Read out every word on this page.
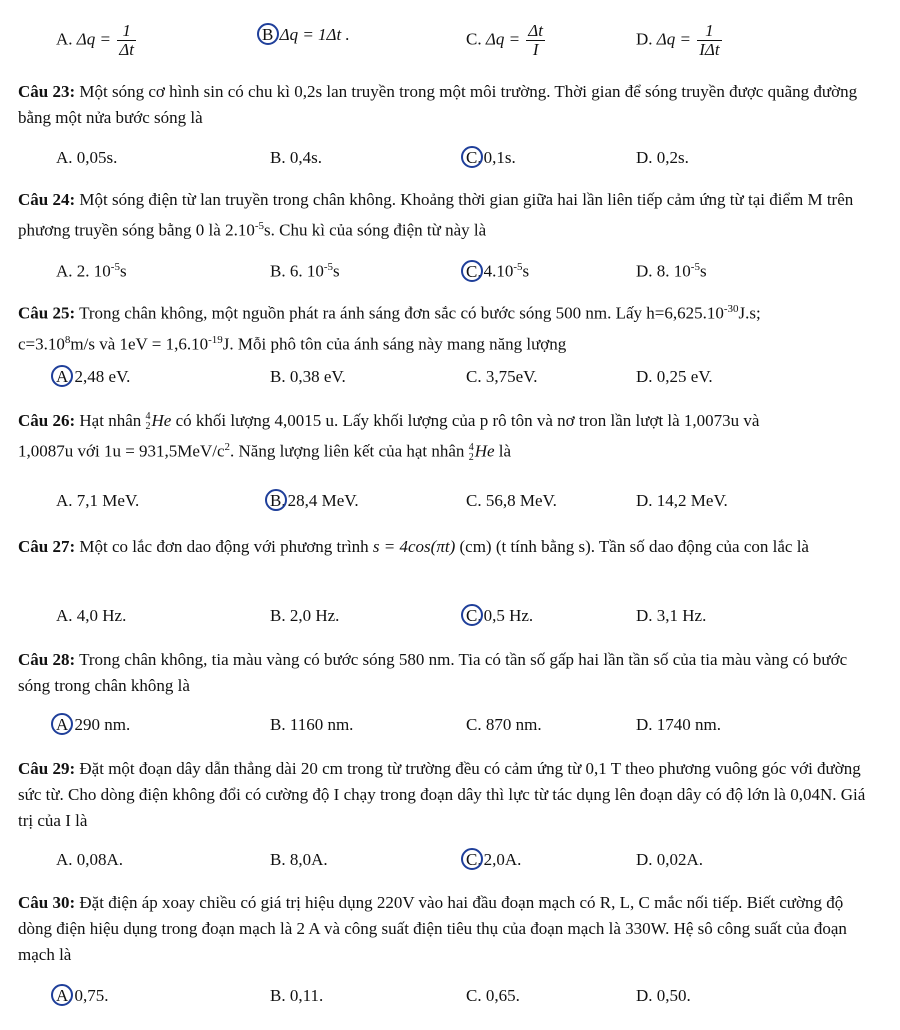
A. $\Delta q = \frac{1}{\Delta t}$	B Δq = 1Δt .	C. $\Delta q = \frac{\Delta t}{I}$	D. $\Delta q = \frac{1}{\text{IΔt}}$
Câu 23: Một sóng cơ hình sin có chu kì 0,2s lan truyền trong một môi trường. Thời gian để sóng truyền được quãng đường bằng một nửa bước sóng là
A. 0,05s.	B. 0,4s.	C. 0,1s.	D. 0,2s.
Câu 24: Một sóng điện từ lan truyền trong chân không. Khoảng thời gian giữa hai lần liên tiếp cảm ứng từ tại điểm M trên phương truyền sóng bằng 0 là $2.10^{-5}s$. Chu kì của sóng điện từ này là
A. 2. $10^{-5}s$	B. 6. $10^{-5}s$	C. $4.10^{-5}s$	D. 8. $10^{-5}s$
Câu 25: Trong chân không, một nguồn phát ra ánh sáng đơn sắc có bước sóng 500 nm. Lấy $h=6,625.10^{-30}J.s$;
$c=3.10^8m/s$ và $1eV = 1,6.10^{-19}J$. Mỗi phô tôn của ánh sáng này mang năng lượng
A. 2,48 eV.	B. 0,38 eV.	C. 3,75eV.	D. 0,25 eV.
Câu 26: Hạt nhân 4
2 He có khối lượng 4,0015 u. Lấy khối lượng của p rô tôn và nơ tron lần lượt là 1,0073u và
1,0087u với $1u = 931,5MeV/c^2$. Năng lượng liên kết của hạt nhân 4
2 He là
A. 7,1 MeV.	B. 28,4 MeV.	C. 56,8 MeV.	D. 14,2 MeV.
Câu 27: Một co lắc đơn dao động với phương trình s = 4cos(πt) (cm) (t tính bằng s). Tần số dao động của con lắc là
A. 4,0 Hz.	B. 2,0 Hz.	C. 0,5 Hz.	D. 3,1 Hz.
Câu 28: Trong chân không, tia màu vàng có bước sóng 580 nm. Tia có tần số gấp hai lần tần số của tia màu vàng có bước sóng trong chân không là
A. 290 nm.	B. 1160 nm.	C. 870 nm.	D. 1740 nm.
Câu 29: Đặt một đoạn dây dẫn thẳng dài 20 cm trong từ trường đều có cảm ứng từ 0,1 T theo phương vuông góc với đường sức từ. Cho dòng điện không đổi có cường độ I chạy trong đoạn dây thì lực từ tác dụng lên đoạn dây có độ lớn là 0,04N. Giá trị của I là
A. 0,08A.	B. 8,0A.	C. 2,0A.	D. 0,02A.
Câu 30: Đặt điện áp xoay chiều có giá trị hiệu dụng 220V vào hai đầu đoạn mạch có R, L, C mắc nối tiếp. Biết cường độ dòng điện hiệu dụng trong đoạn mạch là 2 A và công suất điện tiêu thụ của đoạn mạch là 330W. Hệ sô công suất của đoạn mạch là
A. 0,75.	B. 0,11.	C. 0,65.	D. 0,50.
